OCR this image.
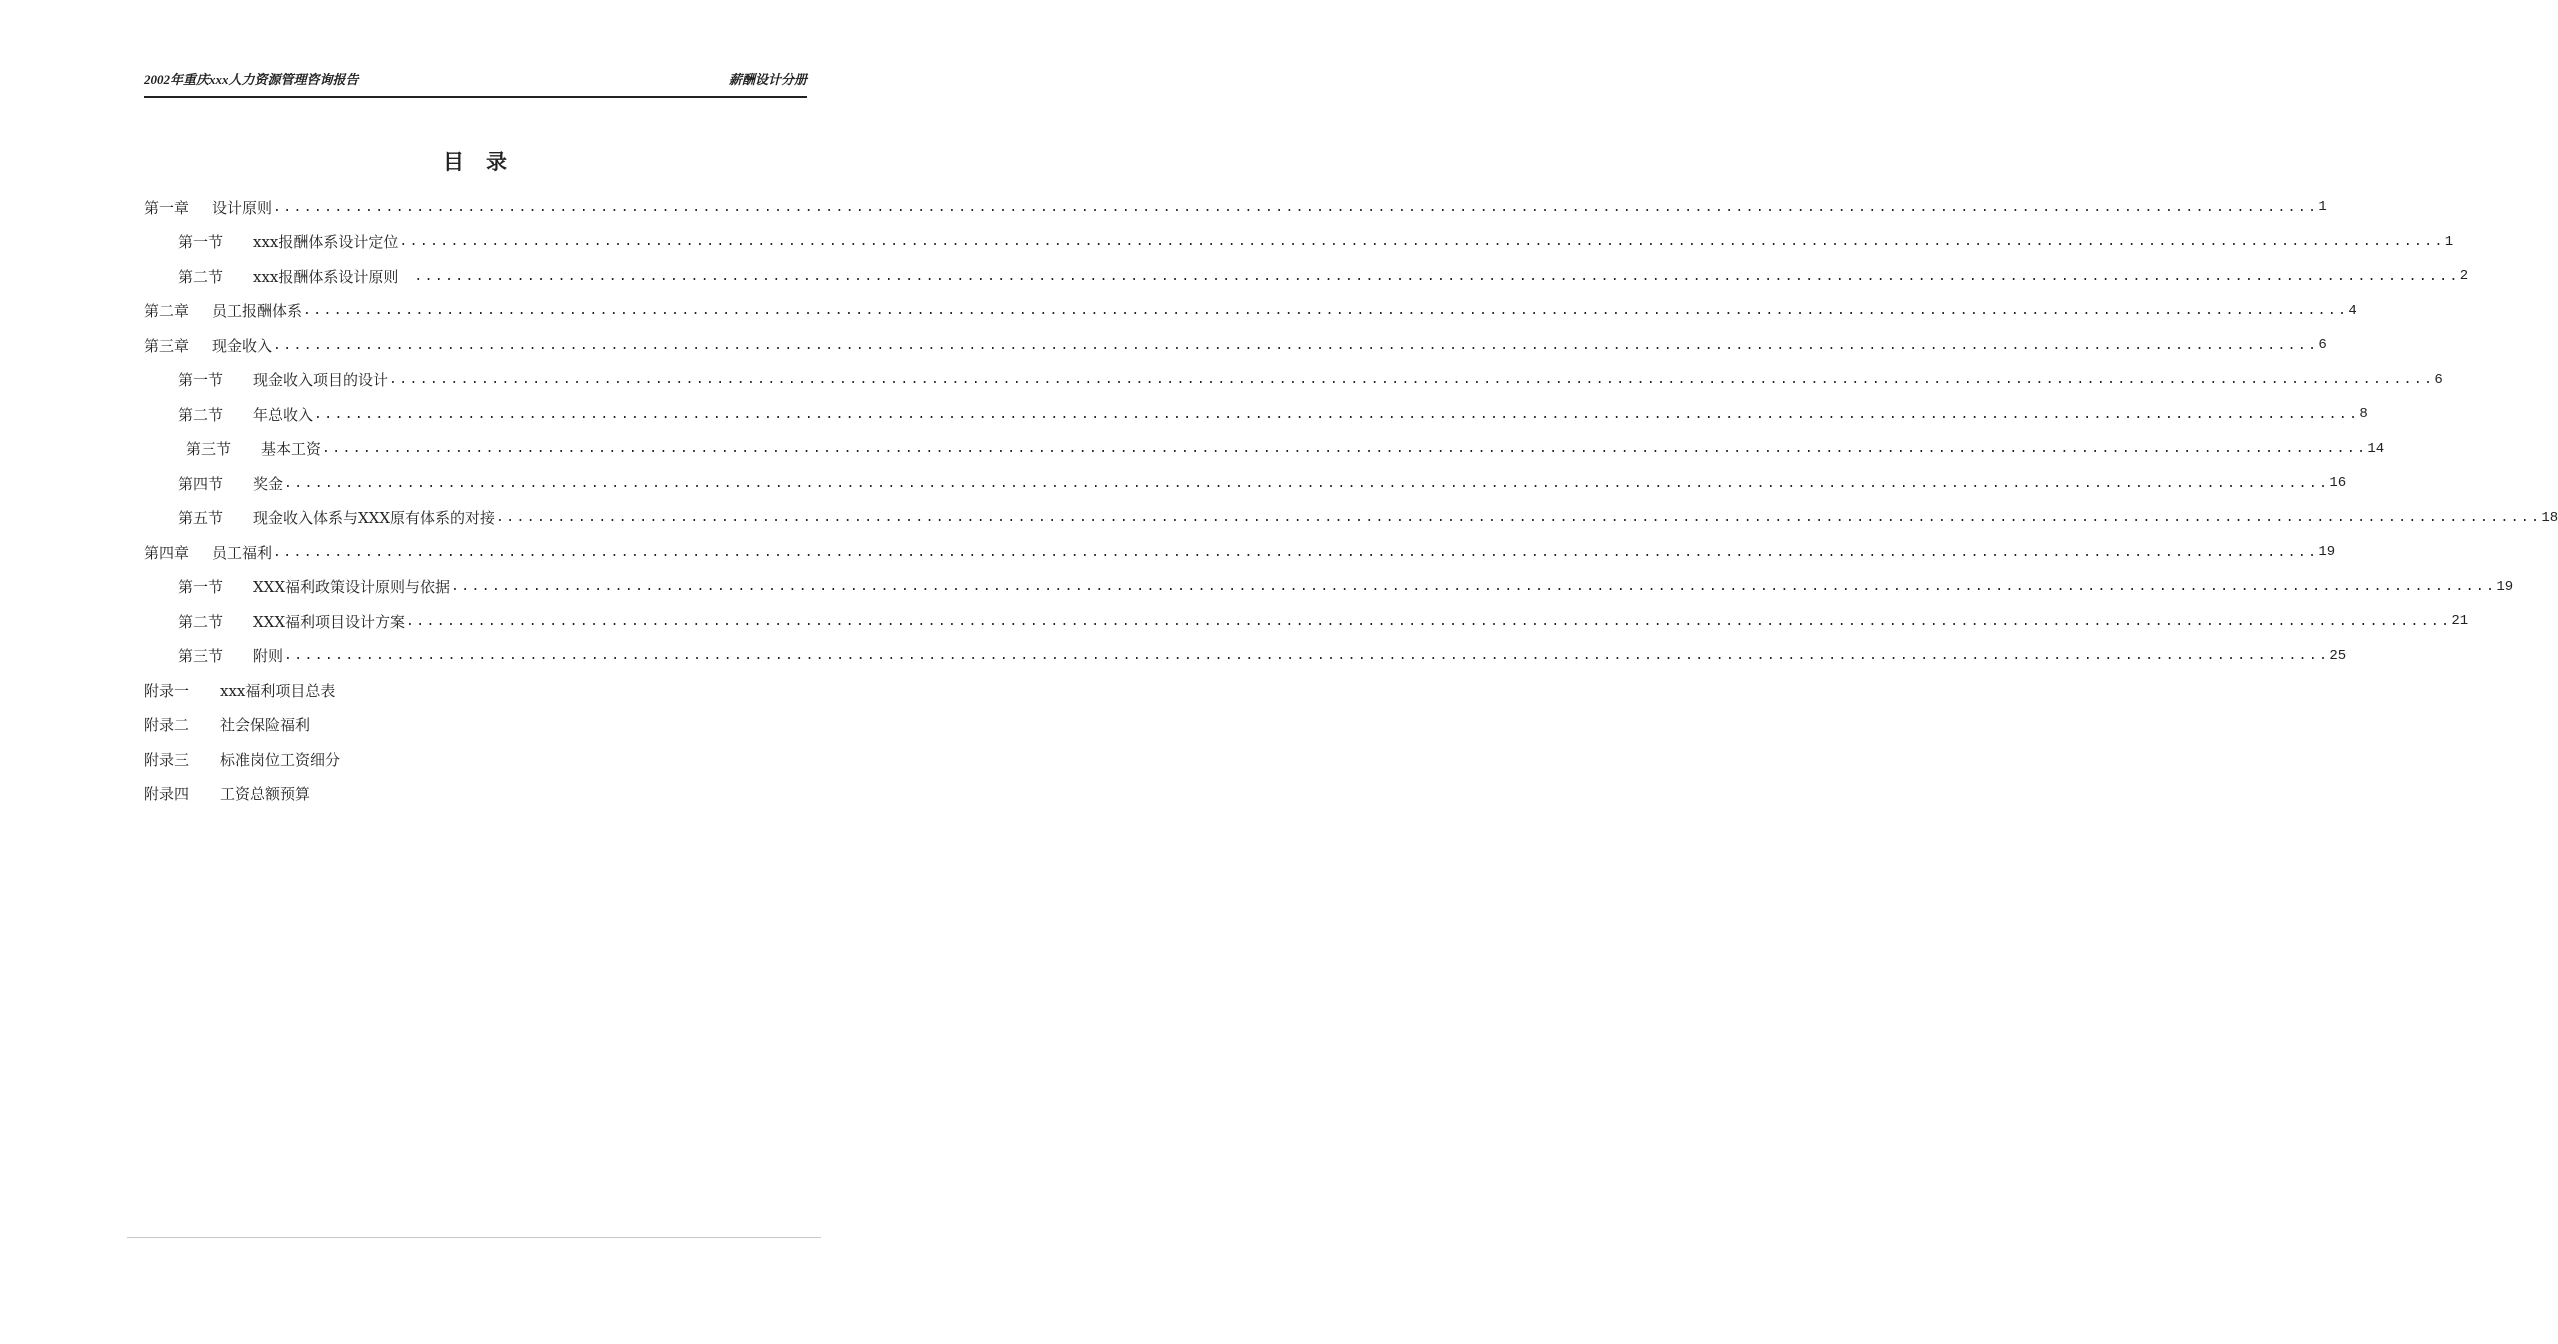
2002年重庆xxx人力资源管理咨询报告	薪酬设计分册
目 录
第一章	设计原则 ........................................................................................................................................................................................................ 1
第一节	xxx报酬体系设计定位 ........................................................................................................................................................................................................ 1
第二节	xxx报酬体系设计原则 ........................................................................................................................................................................................................ 2
第二章	员工报酬体系 ........................................................................................................................................................................................................ 4
第三章	现金收入 ........................................................................................................................................................................................................ 6
第一节	现金收入项目的设计 ........................................................................................................................................................................................................ 6
第二节	年总收入 ........................................................................................................................................................................................................ 8
第三节	基本工资 ........................................................................................................................................................................................................ 14
第四节	奖金 ........................................................................................................................................................................................................ 16
第五节	现金收入体系与XXX原有体系的对接 ........................................................................................................................................................................................................ 18
第四章	员工福利 ........................................................................................................................................................................................................ 19
第一节	XXX福利政策设计原则与依据 ........................................................................................................................................................................................................ 19
第二节	XXX福利项目设计方案 ........................................................................................................................................................................................................ 21
第三节	附则 ........................................................................................................................................................................................................ 25
附录一	xxx福利项目总表
附录二	社会保险福利
附录三	标准岗位工资细分
附录四	工资总额预算
